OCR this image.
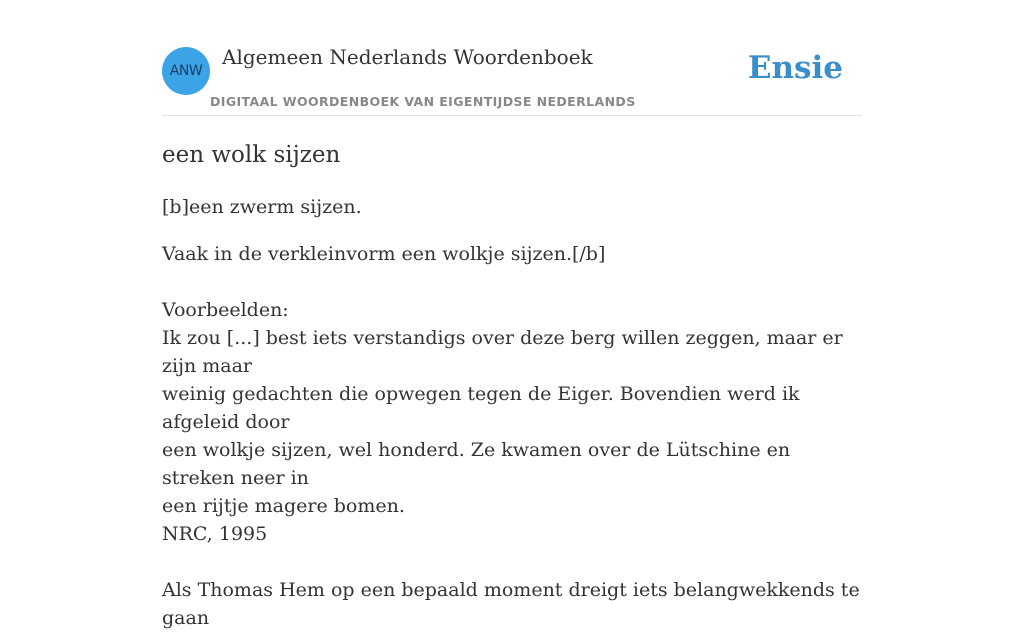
ANW
Algemeen Nederlands Woordenboek
DIGITAAL WOORDENBOEK VAN EIGENTIJDSE NEDERLANDS
Ensie
een wolk sijzen

[b]een zwerm sijzen.

Vaak in de verkleinvorm een wolkje sijzen.[/b]

Voorbeelden:

Ik zou [...] best iets verstandigs over deze berg willen zeggen, maar er zijn maar

weinig gedachten die opwegen tegen de Eiger. Bovendien werd ik afgeleid door

een wolkje sijzen, wel honderd. Ze kwamen over de Lütschine en streken neer in

een rijtje magere bomen.

NRC, 1995

Als Thomas Hem op een bepaald moment dreigt iets belangwekkends te gaan
